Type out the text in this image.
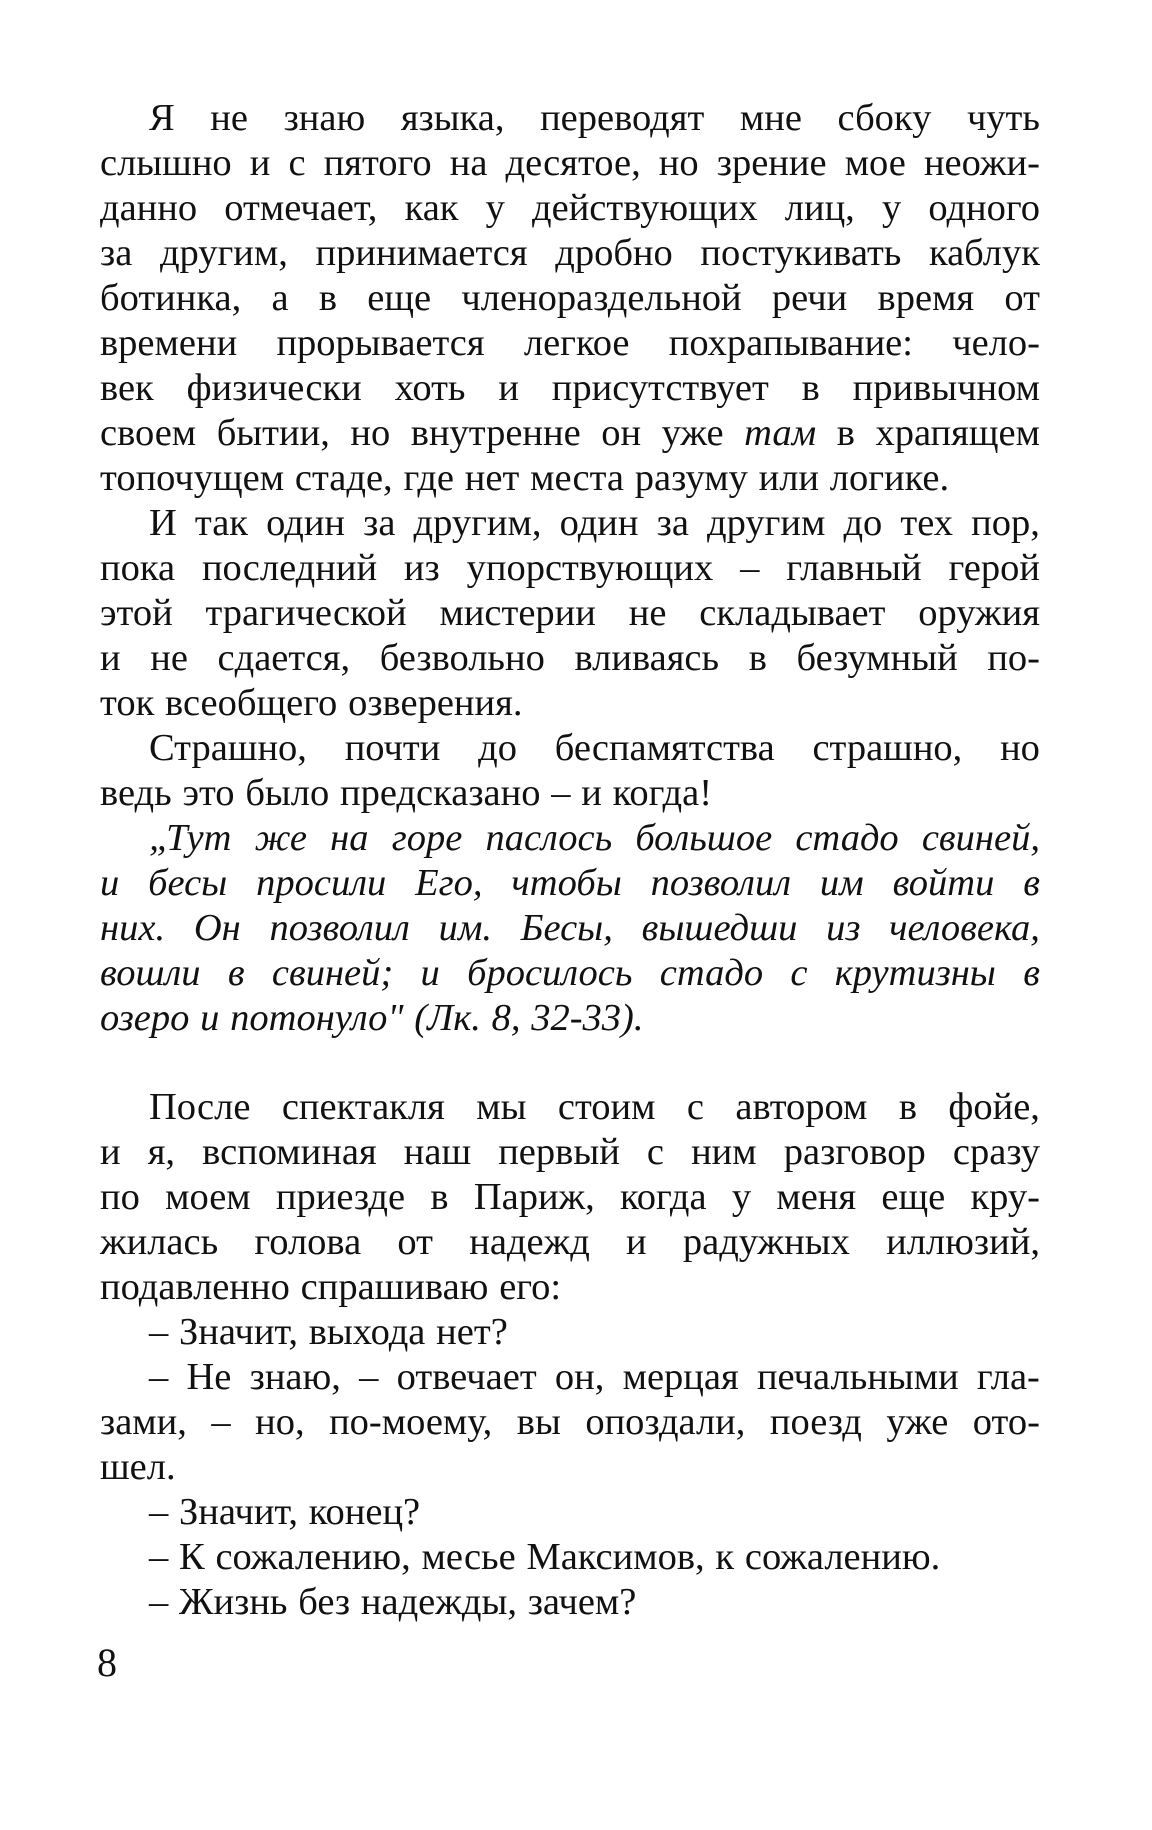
Я не знаю языка, переводят мне сбоку чуть
слышно и с пятого на десятое, но зрение мое неожи-
данно отмечает, как у действующих лиц, у одного
за другим, принимается дробно постукивать каблук
ботинка, а в еще членораздельной речи время от
времени прорывается легкое похрапывание: чело-
век физически хоть и присутствует в привычном
своем бытии, но внутренне он уже там в храпящем
топочущем стаде, где нет места разуму или логике.
И так один за другим, один за другим до тех пор,
пока последний из упорствующих – главный герой
этой трагической мистерии не складывает оружия
и не сдается, безвольно вливаясь в безумный по-
ток всеобщего озверения.
Страшно, почти до беспамятства страшно, но
ведь это было предсказано – и когда!
„Тут же на горе паслось большое стадо свиней,
и бесы просили Его, чтобы позволил им войти в
них. Он позволил им. Бесы, вышедши из человека,
вошли в свиней; и бросилось стадо с крутизны в
озеро и потонуло" (Лк. 8, 32-33).
После спектакля мы стоим с автором в фойе,
и я, вспоминая наш первый с ним разговор сразу
по моем приезде в Париж, когда у меня еще кру-
жилась голова от надежд и радужных иллюзий,
подавленно спрашиваю его:
– Значит, выхода нет?
– Не знаю, – отвечает он, мерцая печальными гла-
зами, – но, по-моему, вы опоздали, поезд уже ото-
шел.
– Значит, конец?
– К сожалению, месье Максимов, к сожалению.
– Жизнь без надежды, зачем?
8
